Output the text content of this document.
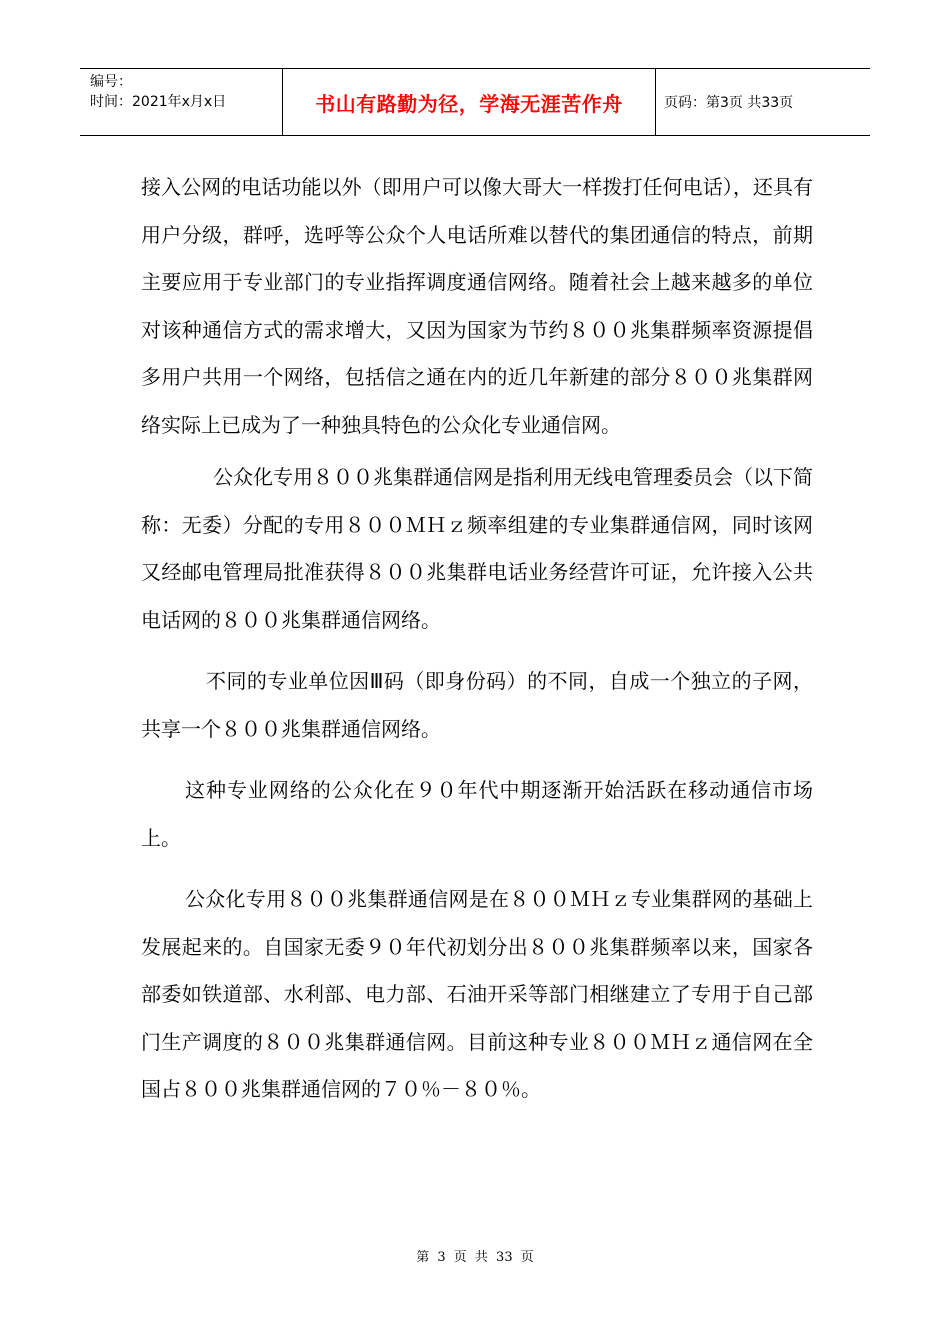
编号：
时间：2021年x月x日	书山有路勤为径，学海无涯苦作舟	页码：第3页 共33页

接入公网的电话功能以外（即用户可以像大哥大一样拨打任何电话），还具有用户分级，群呼，选呼等公众个人电话所难以替代的集团通信的特点，前期主要应用于专业部门的专业指挥调度通信网络。随着社会上越来越多的单位对该种通信方式的需求增大，又因为国家为节约８００兆集群频率资源提倡多用户共用一个网络，包括信之通在内的近几年新建的部分８００兆集群网络实际上已成为了一种独具特色的公众化专业通信网。

公众化专用８００兆集群通信网是指利用无线电管理委员会（以下简称：无委）分配的专用８００ＭＨｚ频率组建的专业集群通信网，同时该网又经邮电管理局批准获得８００兆集群电话业务经营许可证，允许接入公共电话网的８００兆集群通信网络。

不同的专业单位因Ⅲ码（即身份码）的不同，自成一个独立的子网，共享一个８００兆集群通信网络。

这种专业网络的公众化在９０年代中期逐渐开始活跃在移动通信市场上。

公众化专用８００兆集群通信网是在８００ＭＨｚ专业集群网的基础上发展起来的。自国家无委９０年代初划分出８００兆集群频率以来，国家各部委如铁道部、水利部、电力部、石油开采等部门相继建立了专用于自己部门生产调度的８００兆集群通信网。目前这种专业８００ＭＨｚ通信网在全国占８００兆集群通信网的７０％－８０％。

第 3 页 共 33 页
